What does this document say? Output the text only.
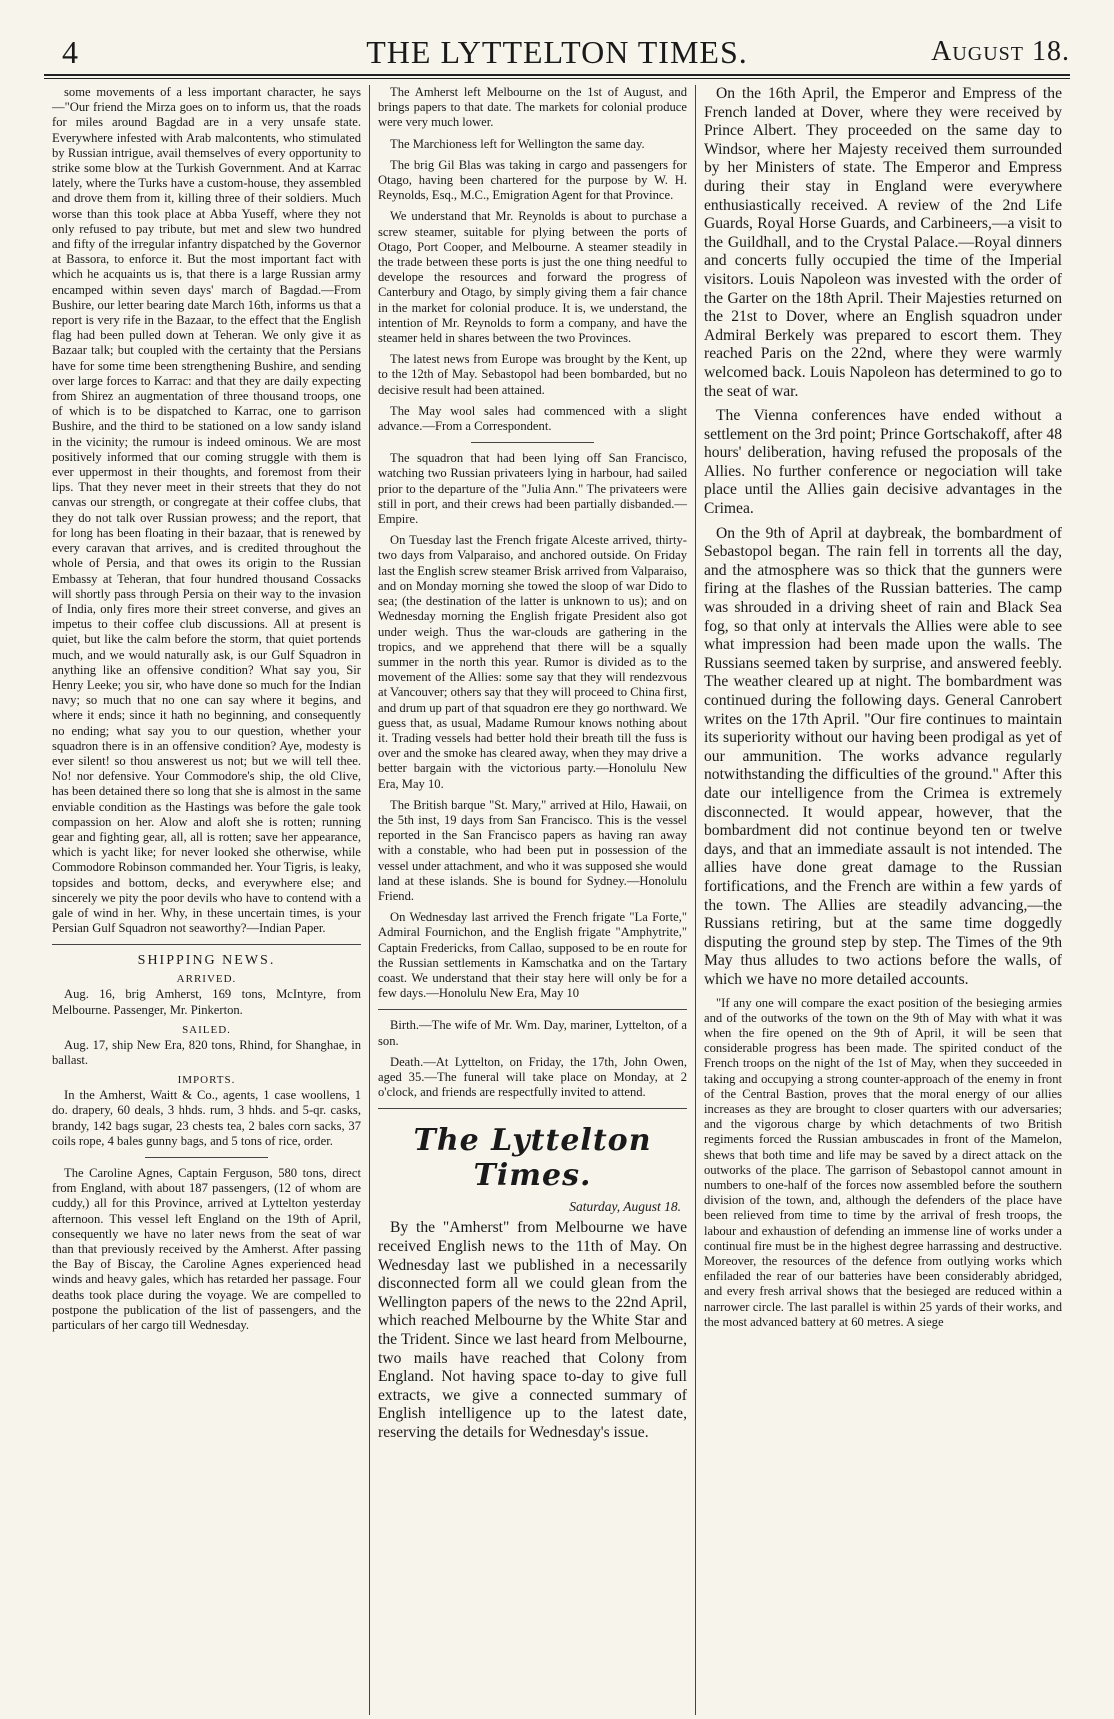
4	THE LYTTELTON TIMES.	August 18.

some movements of a less important character, he says—"Our friend the Mirza goes on to inform us, that the roads for miles around Bagdad are in a very unsafe state. Everywhere infested with Arab malcontents, who stimulated by Russian intrigue, avail themselves of every opportunity to strike some blow at the Turkish Government. And at Karrac lately, where the Turks have a custom-house, they assembled and drove them from it, killing three of their soldiers. Much worse than this took place at Abba Yuseff, where they not only refused to pay tribute, but met and slew two hundred and fifty of the irregular infantry dispatched by the Governor at Bassora, to enforce it. But the most important fact with which he acquaints us is, that there is a large Russian army encamped within seven days' march of Bagdad.—From Bushire, our letter bearing date March 16th, informs us that a report is very rife in the Bazaar, to the effect that the English flag had been pulled down at Teheran. We only give it as Bazaar talk; but coupled with the certainty that the Persians have for some time been strengthening Bushire, and sending over large forces to Karrac: and that they are daily expecting from Shirez an augmentation of three thousand troops, one of which is to be dispatched to Karrac, one to garrison Bushire, and the third to be stationed on a low sandy island in the vicinity; the rumour is indeed ominous. We are most positively informed that our coming struggle with them is ever uppermost in their thoughts, and foremost from their lips. That they never meet in their streets that they do not canvas our strength, or congregate at their coffee clubs, that they do not talk over Russian prowess; and the report, that for long has been floating in their bazaar, that is renewed by every caravan that arrives, and is credited throughout the whole of Persia, and that owes its origin to the Russian Embassy at Teheran, that four hundred thousand Cossacks will shortly pass through Persia on their way to the invasion of India, only fires more their street converse, and gives an impetus to their coffee club discussions. All at present is quiet, but like the calm before the storm, that quiet portends much, and we would naturally ask, is our Gulf Squadron in anything like an offensive condition? What say you, Sir Henry Leeke; you sir, who have done so much for the Indian navy; so much that no one can say where it begins, and where it ends; since it hath no beginning, and consequently no ending; what say you to our question, whether your squadron there is in an offensive condition? Aye, modesty is ever silent! so thou answerest us not; but we will tell thee. No! nor defensive. Your Commodore's ship, the old Clive, has been detained there so long that she is almost in the same enviable condition as the Hastings was before the gale took compassion on her. Alow and aloft she is rotten; running gear and fighting gear, all, all is rotten; save her appearance, which is yacht like; for never looked she otherwise, while Commodore Robinson commanded her. Your Tigris, is leaky, topsides and bottom, decks, and everywhere else; and sincerely we pity the poor devils who have to contend with a gale of wind in her. Why, in these uncertain times, is your Persian Gulf Squadron not seaworthy?—Indian Paper.

SHIPPING NEWS.
ARRIVED.

Aug. 16, brig Amherst, 169 tons, McIntyre, from Melbourne. Passenger, Mr. Pinkerton.

SAILED.

Aug. 17, ship New Era, 820 tons, Rhind, for Shanghae, in ballast.

IMPORTS.

In the Amherst, Waitt & Co., agents, 1 case woollens, 1 do. drapery, 60 deals, 3 hhds. rum, 3 hhds. and 5-qr. casks, brandy, 142 bags sugar, 23 chests tea, 2 bales corn sacks, 37 coils rope, 4 bales gunny bags, and 5 tons of rice, order.

The Caroline Agnes, Captain Ferguson, 580 tons, direct from England, with about 187 passengers, (12 of whom are cuddy,) all for this Province, arrived at Lyttelton yesterday afternoon. This vessel left England on the 19th of April, consequently we have no later news from the seat of war than that previously received by the Amherst. After passing the Bay of Biscay, the Caroline Agnes experienced head winds and heavy gales, which has retarded her passage. Four deaths took place during the voyage. We are compelled to postpone the publication of the list of passengers, and the particulars of her cargo till Wednesday.

The Amherst left Melbourne on the 1st of August, and brings papers to that date. The markets for colonial produce were very much lower.

The Marchioness left for Wellington the same day.

The brig Gil Blas was taking in cargo and passengers for Otago, having been chartered for the purpose by W. H. Reynolds, Esq., M.C., Emigration Agent for that Province.

We understand that Mr. Reynolds is about to purchase a screw steamer, suitable for plying between the ports of Otago, Port Cooper, and Melbourne. A steamer steadily in the trade between these ports is just the one thing needful to develope the resources and forward the progress of Canterbury and Otago, by simply giving them a fair chance in the market for colonial produce. It is, we understand, the intention of Mr. Reynolds to form a company, and have the steamer held in shares between the two Provinces.

The latest news from Europe was brought by the Kent, up to the 12th of May. Sebastopol had been bombarded, but no decisive result had been attained.

The May wool sales had commenced with a slight advance.—From a Correspondent.

The squadron that had been lying off San Francisco, watching two Russian privateers lying in harbour, had sailed prior to the departure of the "Julia Ann." The privateers were still in port, and their crews had been partially disbanded.—Empire.

On Tuesday last the French frigate Alceste arrived, thirty-two days from Valparaiso, and anchored outside. On Friday last the English screw steamer Brisk arrived from Valparaiso, and on Monday morning she towed the sloop of war Dido to sea; (the destination of the latter is unknown to us); and on Wednesday morning the English frigate President also got under weigh. Thus the war-clouds are gathering in the tropics, and we apprehend that there will be a squally summer in the north this year. Rumor is divided as to the movement of the Allies: some say that they will rendezvous at Vancouver; others say that they will proceed to China first, and drum up part of that squadron ere they go northward. We guess that, as usual, Madame Rumour knows nothing about it. Trading vessels had better hold their breath till the fuss is over and the smoke has cleared away, when they may drive a better bargain with the victorious party.—Honolulu New Era, May 10.

The British barque "St. Mary," arrived at Hilo, Hawaii, on the 5th inst, 19 days from San Francisco. This is the vessel reported in the San Francisco papers as having ran away with a constable, who had been put in possession of the vessel under attachment, and who it was supposed she would land at these islands. She is bound for Sydney.—Honolulu Friend.

On Wednesday last arrived the French frigate "La Forte," Admiral Fournichon, and the English frigate "Amphytrite," Captain Fredericks, from Callao, supposed to be en route for the Russian settlements in Kamschatka and on the Tartary coast. We understand that their stay here will only be for a few days.—Honolulu New Era, May 10

Birth.—The wife of Mr. Wm. Day, mariner, Lyttelton, of a son.

Death.—At Lyttelton, on Friday, the 17th, John Owen, aged 35.—The funeral will take place on Monday, at 2 o'clock, and friends are respectfully invited to attend.

The Lyttelton Times.
Saturday, August 18.

By the "Amherst" from Melbourne we have received English news to the 11th of May. On Wednesday last we published in a necessarily disconnected form all we could glean from the Wellington papers of the news to the 22nd April, which reached Melbourne by the White Star and the Trident. Since we last heard from Melbourne, two mails have reached that Colony from England. Not having space to-day to give full extracts, we give a connected summary of English intelligence up to the latest date, reserving the details for Wednesday's issue.

On the 16th April, the Emperor and Empress of the French landed at Dover, where they were received by Prince Albert. They proceeded on the same day to Windsor, where her Majesty received them surrounded by her Ministers of state. The Emperor and Empress during their stay in England were everywhere enthusiastically received. A review of the 2nd Life Guards, Royal Horse Guards, and Carbineers,—a visit to the Guildhall, and to the Crystal Palace.—Royal dinners and concerts fully occupied the time of the Imperial visitors. Louis Napoleon was invested with the order of the Garter on the 18th April. Their Majesties returned on the 21st to Dover, where an English squadron under Admiral Berkely was prepared to escort them. They reached Paris on the 22nd, where they were warmly welcomed back. Louis Napoleon has determined to go to the seat of war.

The Vienna conferences have ended without a settlement on the 3rd point; Prince Gortschakoff, after 48 hours' deliberation, having refused the proposals of the Allies. No further conference or negociation will take place until the Allies gain decisive advantages in the Crimea.

On the 9th of April at daybreak, the bombardment of Sebastopol began. The rain fell in torrents all the day, and the atmosphere was so thick that the gunners were firing at the flashes of the Russian batteries. The camp was shrouded in a driving sheet of rain and Black Sea fog, so that only at intervals the Allies were able to see what impression had been made upon the walls. The Russians seemed taken by surprise, and answered feebly. The weather cleared up at night. The bombardment was continued during the following days. General Canrobert writes on the 17th April. "Our fire continues to maintain its superiority without our having been prodigal as yet of our ammunition. The works advance regularly notwithstanding the difficulties of the ground." After this date our intelligence from the Crimea is extremely disconnected. It would appear, however, that the bombardment did not continue beyond ten or twelve days, and that an immediate assault is not intended. The allies have done great damage to the Russian fortifications, and the French are within a few yards of the town. The Allies are steadily advancing,—the Russians retiring, but at the same time doggedly disputing the ground step by step. The Times of the 9th May thus alludes to two actions before the walls, of which we have no more detailed accounts.

"If any one will compare the exact position of the besieging armies and of the outworks of the town on the 9th of May with what it was when the fire opened on the 9th of April, it will be seen that considerable progress has been made. The spirited conduct of the French troops on the night of the 1st of May, when they succeeded in taking and occupying a strong counter-approach of the enemy in front of the Central Bastion, proves that the moral energy of our allies increases as they are brought to closer quarters with our adversaries; and the vigorous charge by which detachments of two British regiments forced the Russian ambuscades in front of the Mamelon, shews that both time and life may be saved by a direct attack on the outworks of the place. The garrison of Sebastopol cannot amount in numbers to one-half of the forces now assembled before the southern division of the town, and, although the defenders of the place have been relieved from time to time by the arrival of fresh troops, the labour and exhaustion of defending an immense line of works under a continual fire must be in the highest degree harrassing and destructive. Moreover, the resources of the defence from outlying works which enfiladed the rear of our batteries have been considerably abridged, and every fresh arrival shows that the besieged are reduced within a narrower circle. The last parallel is within 25 yards of their works, and the most advanced battery at 60 metres. A siege
